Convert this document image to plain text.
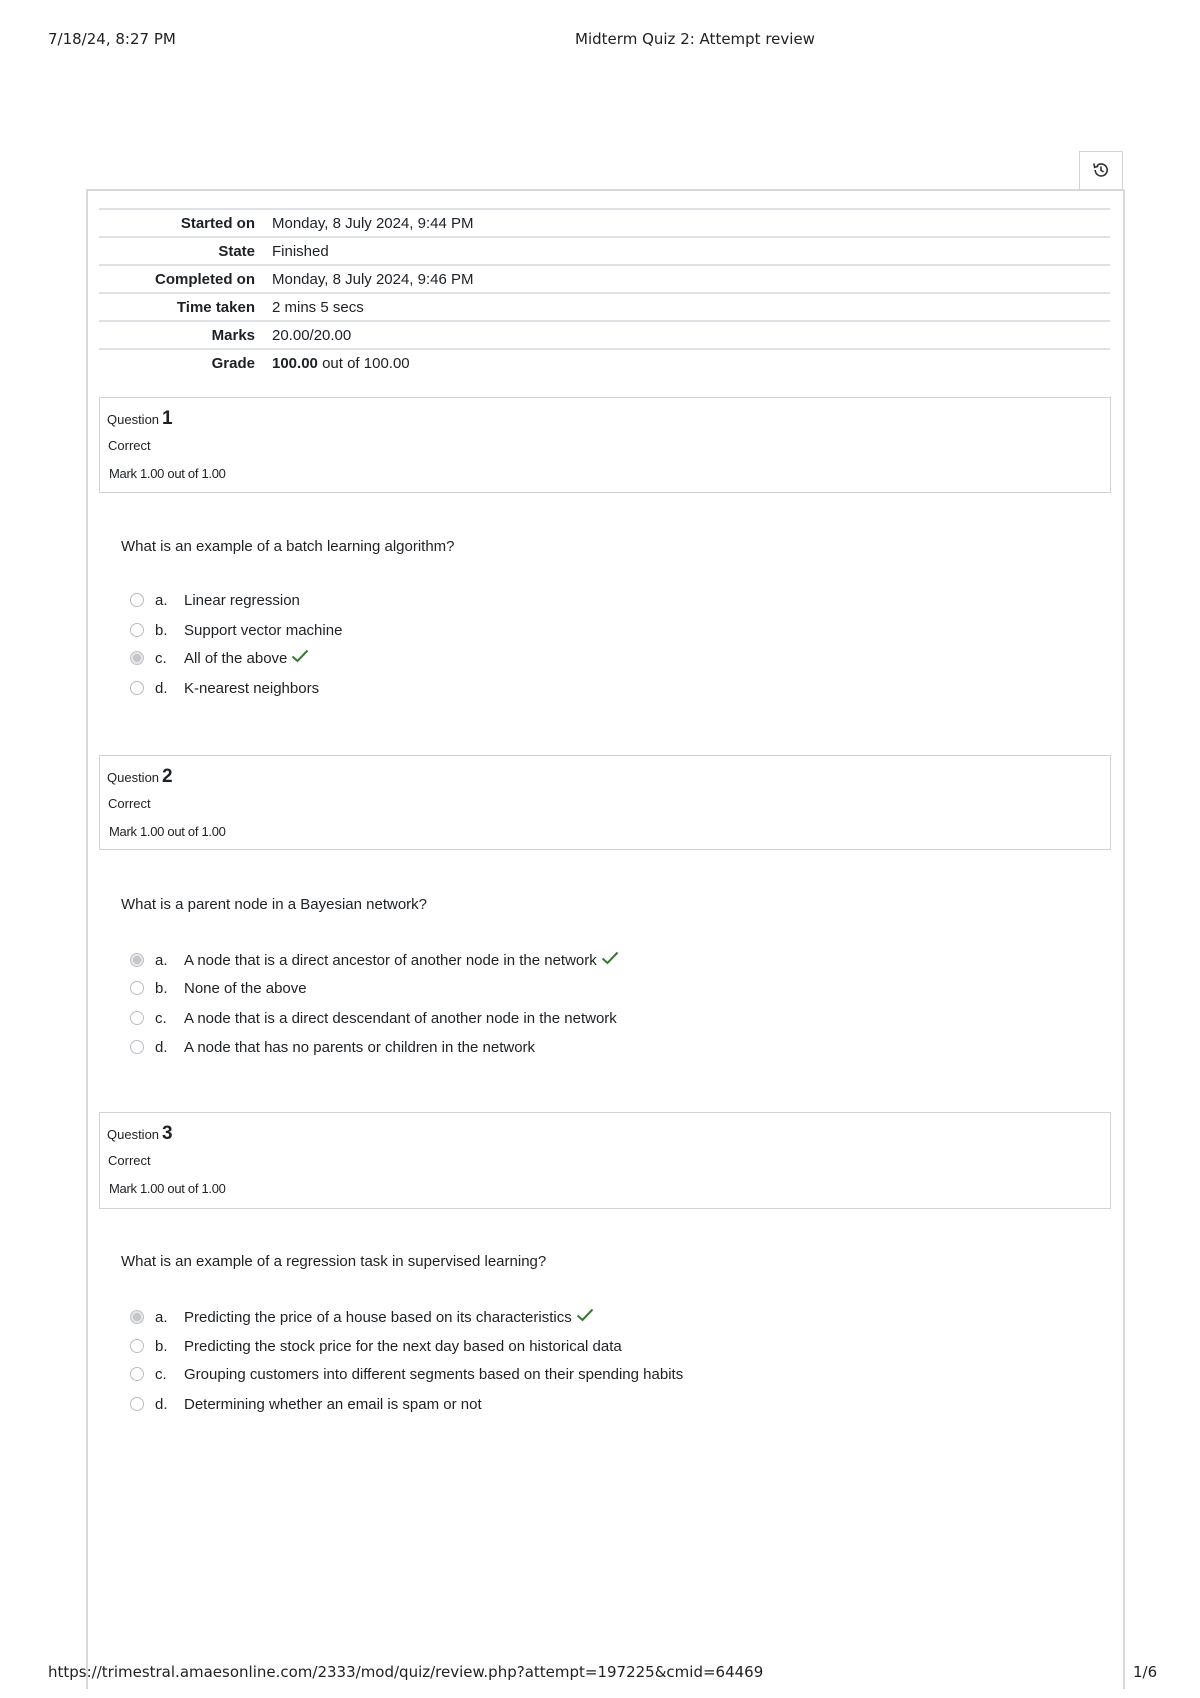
7/18/24, 8:27 PM	Midterm Quiz 2: Attempt review
Started on Monday, 8 July 2024, 9:44 PM
State Finished
Completed on Monday, 8 July 2024, 9:46 PM
Time taken 2 mins 5 secs
Marks 20.00/20.00
Grade 100.00 out of 100.00
Question 1
Correct
Mark 1.00 out of 1.00
What is an example of a batch learning algorithm?
a.	Linear regression
b.	Support vector machine
c.	All of the above
d.	K-nearest neighbors
Question 2
Correct
Mark 1.00 out of 1.00
What is a parent node in a Bayesian network?
a.	A node that is a direct ancestor of another node in the network
b.	None of the above
c.	A node that is a direct descendant of another node in the network
d.	A node that has no parents or children in the network
Question 3
Correct
Mark 1.00 out of 1.00
What is an example of a regression task in supervised learning?
a.	Predicting the price of a house based on its characteristics
b.	Predicting the stock price for the next day based on historical data
c.	Grouping customers into different segments based on their spending habits
d.	Determining whether an email is spam or not
https://trimestral.amaesonline.com/2333/mod/quiz/review.php?attempt=197225&cmid=64469	1/6
